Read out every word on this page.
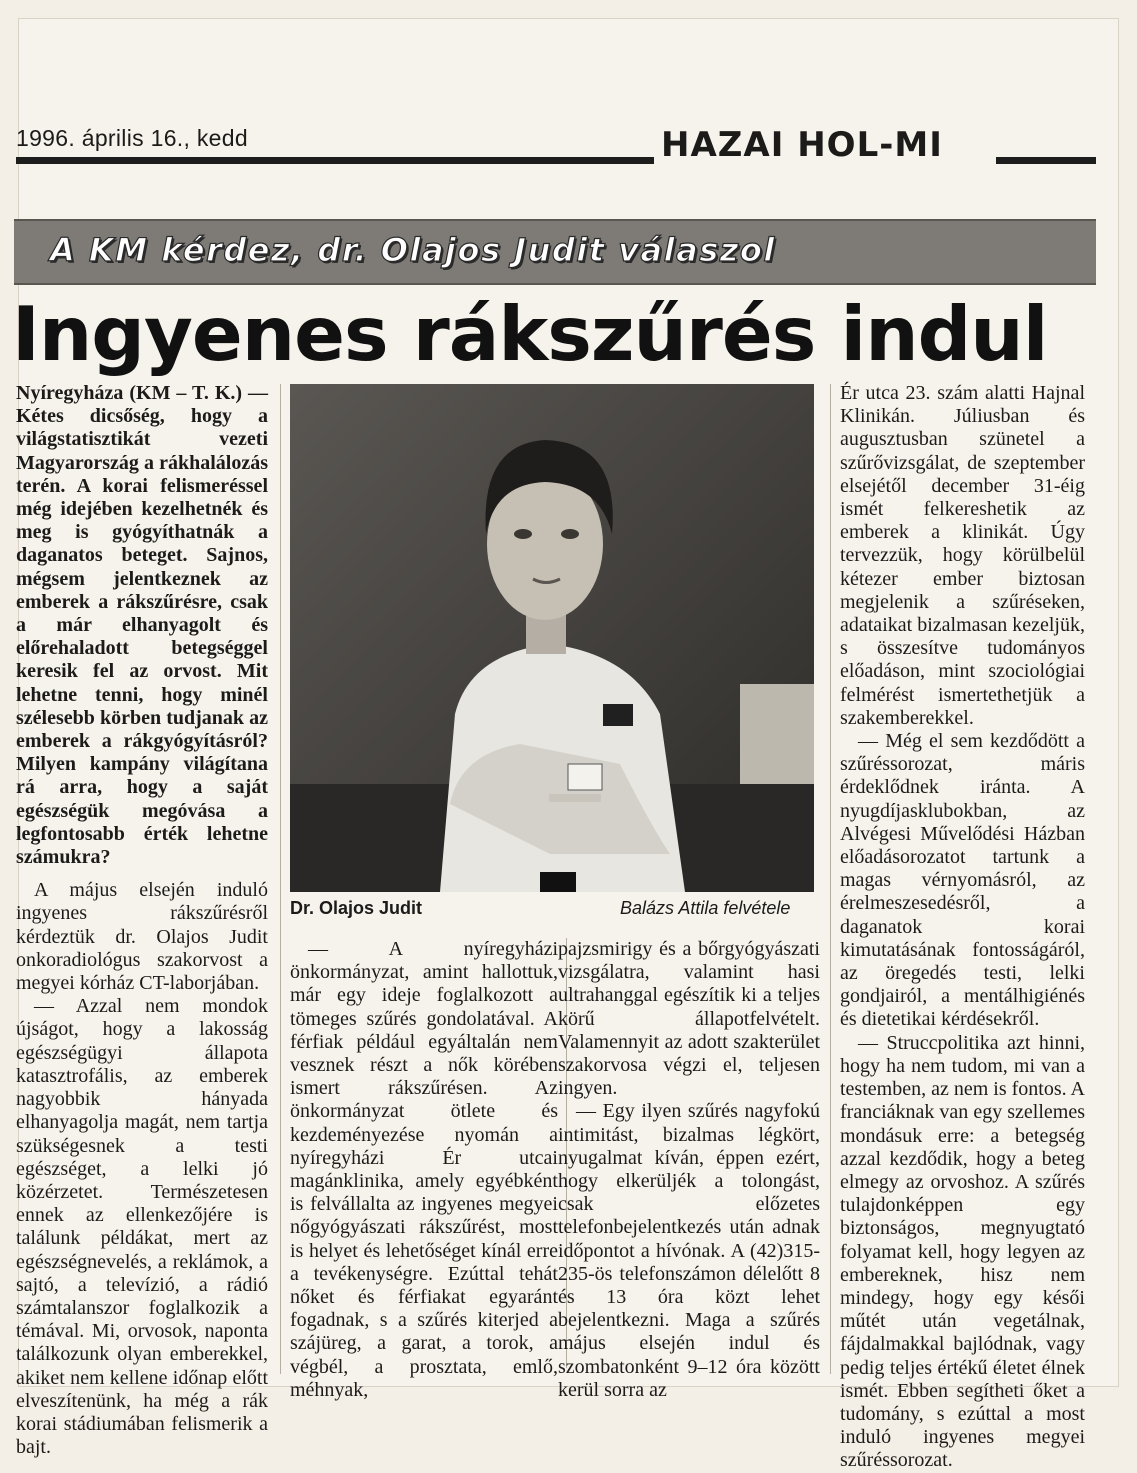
1996. április 16., kedd	HAZAI HOL-MI
A KM kérdez, dr. Olajos Judit válaszol
Ingyenes rákszűrés indul

Nyíregyháza (KM – T. K.) — Kétes dicsőség, hogy a világstatisztikát vezeti Magyarország a rákhalálozás terén. A korai felismeréssel még idejében kezelhetnék és meg is gyógyíthatnák a daganatos beteget. Sajnos, mégsem jelentkeznek az emberek a rákszűrésre, csak a már elhanyagolt és előrehaladott betegséggel keresik fel az orvost. Mit lehetne tenni, hogy minél szélesebb körben tudjanak az emberek a rákgyógyításról? Milyen kampány világítana rá arra, hogy a saját egészségük megóvása a legfontosabb érték lehetne számukra?

A május elsején induló ingyenes rákszűrésről kérdeztük dr. Olajos Judit onkoradiológus szakorvost a megyei kórház CT-laborjában.

— Azzal nem mondok újságot, hogy a lakosság egészségügyi állapota katasztrofális, az emberek nagyobbik hányada elhanyagolja magát, nem tartja szükségesnek a testi egészséget, a lelki jó közérzetet. Természetesen ennek az ellenkezőjére is találunk példákat, mert az egészségnevelés, a reklámok, a sajtó, a televízió, a rádió számtalanszor foglalkozik a témával. Mi, orvosok, naponta találkozunk olyan emberekkel, akiket nem kellene időnap előtt elveszítenünk, ha még a rák korai stádiumában felismerik a bajt.

Dr. Olajos Judit	Balázs Attila felvétele

— A nyíregyházi önkormányzat, amint hallottuk, már egy ideje foglalkozott a tömeges szűrés gondolatával. A férfiak például egyáltalán nem vesznek részt a nők körében ismert rákszűrésen. Az önkormányzat ötlete és kezdeményezése nyomán a nyíregyházi Ér utcai magánklinika, amely egyébként is felvállalta az ingyenes megyei nőgyógyászati rákszűrést, most is helyet és lehetőséget kínál erre a tevékenységre. Ezúttal tehát nőket és férfiakat egyaránt fogadnak, s a szűrés kiterjed a szájüreg, a garat, a torok, a végbél, a prosztata, emlő, méhnyak,

pajzsmirigy és a bőrgyógyászati vizsgálatra, valamint hasi ultrahanggal egészítik ki a teljes körű állapotfelvételt. Valamennyit az adott szakterület szakorvosa végzi el, teljesen ingyen.

— Egy ilyen szűrés nagyfokú intimitást, bizalmas légkört, nyugalmat kíván, éppen ezért, hogy elkerüljék a tolongást, csak előzetes telefonbejelentkezés után adnak időpontot a hívónak. A (42)315-235-ös telefonszámon délelőtt 8 és 13 óra közt lehet bejelentkezni. Maga a szűrés május elsején indul és szombatonként 9–12 óra között kerül sorra az

Ér utca 23. szám alatti Hajnal Klinikán. Júliusban és augusztusban szünetel a szűrővizsgálat, de szeptember elsejétől december 31-éig ismét felkereshetik az emberek a klinikát. Úgy tervezzük, hogy körülbelül kétezer ember biztosan megjelenik a szűréseken, adataikat bizalmasan kezeljük, s összesítve tudományos előadáson, mint szociológiai felmérést ismertethetjük a szakemberekkel.

— Még el sem kezdődött a szűréssorozat, máris érdeklődnek iránta. A nyugdíjasklubokban, az Alvégesi Művelődési Házban előadásorozatot tartunk a magas vérnyomásról, az érelmeszesedésről, a daganatok korai kimutatásának fontosságáról, az öregedés testi, lelki gondjairól, a mentálhigiénés és dietetikai kérdésekről.

— Struccpolitika azt hinni, hogy ha nem tudom, mi van a testemben, az nem is fontos. A franciáknak van egy szellemes mondásuk erre: a betegség azzal kezdődik, hogy a beteg elmegy az orvoshoz. A szűrés tulajdonképpen egy biztonságos, megnyugtató folyamat kell, hogy legyen az embereknek, hisz nem mindegy, hogy egy késői műtét után vegetálnak, fájdalmakkal bajlódnak, vagy pedig teljes értékű életet élnek ismét. Ebben segítheti őket a tudomány, s ezúttal a most induló ingyenes megyei szűréssorozat.
